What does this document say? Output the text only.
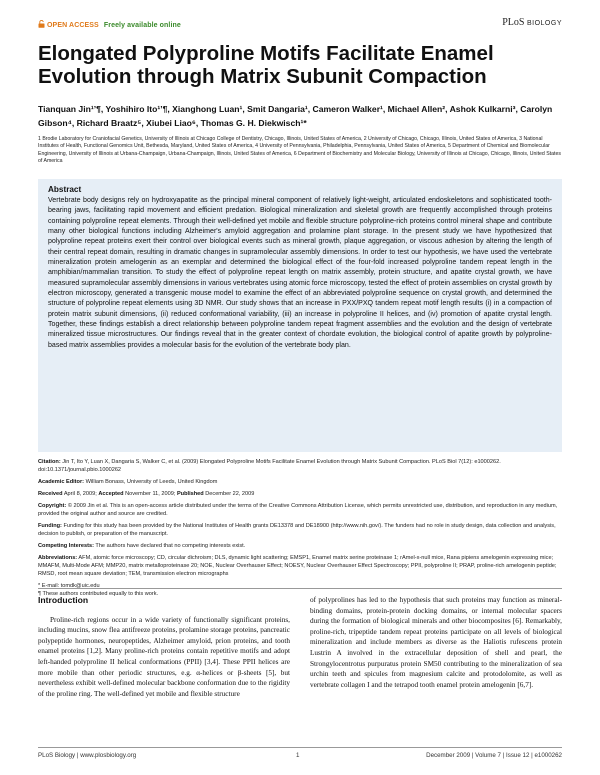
OPEN ACCESS Freely available online	PLoS BIOLOGY
Elongated Polyproline Motifs Facilitate Enamel Evolution through Matrix Subunit Compaction
Tianquan Jin¹’¶, Yoshihiro Ito¹’¶, Xianghong Luan¹, Smit Dangaria¹, Cameron Walker¹, Michael Allen², Ashok Kulkarni³, Carolyn Gibson⁴, Richard Braatz⁵, Xiubei Liao⁶, Thomas G. H. Diekwisch¹*
1 Brodie Laboratory for Craniofacial Genetics, University of Illinois at Chicago College of Dentistry, Chicago, Illinois, United States of America, 2 University of Chicago, Chicago, Illinois, United States of America, 3 National Institutes of Health, Functional Genomics Unit, Bethesda, Maryland, United States of America, 4 University of Pennsylvania, Philadelphia, Pennsylvania, United States of America, 5 Department of Chemical and Biomolecular Engineering, University of Illinois at Urbana-Champaign, Urbana-Champaign, Illinois, United States of America, 6 Department of Biochemistry and Molecular Biology, University of Illinois at Chicago, Chicago, Illinois, United States of America
Abstract

Vertebrate body designs rely on hydroxyapatite as the principal mineral component of relatively light-weight, articulated endoskeletons and sophisticated tooth-bearing jaws, facilitating rapid movement and efficient predation. Biological mineralization and skeletal growth are frequently accomplished through proteins containing polyproline repeat elements. Through their well-defined yet mobile and flexible structure polyproline-rich proteins control mineral shape and contribute many other biological functions including Alzheimer's amyloid aggregation and prolamine plant storage. In the present study we have hypothesized that polyproline repeat proteins exert their control over biological events such as mineral growth, plaque aggregation, or viscous adhesion by altering the length of their central repeat domain, resulting in dramatic changes in supramolecular assembly dimensions. In order to test our hypothesis, we have used the vertebrate mineralization protein amelogenin as an exemplar and determined the biological effect of the four-fold increased polyproline tandem repeat length in the amphibian/mammalian transition. To study the effect of polyproline repeat length on matrix assembly, protein structure, and apatite crystal growth, we have measured supramolecular assembly dimensions in various vertebrates using atomic force microscopy, tested the effect of protein assemblies on crystal growth by electron microscopy, generated a transgenic mouse model to examine the effect of an abbreviated polyproline sequence on crystal growth, and determined the structure of polyproline repeat elements using 3D NMR. Our study shows that an increase in PXX/PXQ tandem repeat motif length results (i) in a compaction of protein matrix subunit dimensions, (ii) reduced conformational variability, (iii) an increase in polyproline II helices, and (iv) promotion of apatite crystal length. Together, these findings establish a direct relationship between polyproline tandem repeat fragment assemblies and the evolution and the design of vertebrate mineralized tissue microstructures. Our findings reveal that in the greater context of chordate evolution, the biological control of apatite growth by polyproline-based matrix assemblies provides a molecular basis for the evolution of the vertebrate body plan.

Citation: Jin T, Ito Y, Luan X, Dangaria S, Walker C, et al. (2009) Elongated Polyproline Motifs Facilitate Enamel Evolution through Matrix Subunit Compaction. PLoS Biol 7(12): e1000262. doi:10.1371/journal.pbio.1000262
Academic Editor: William Bonass, University of Leeds, United Kingdom
Received April 8, 2009; Accepted November 11, 2009; Published December 22, 2009
Copyright: © 2009 Jin et al. This is an open-access article distributed under the terms of the Creative Commons Attribution License, which permits unrestricted use, distribution, and reproduction in any medium, provided the original author and source are credited.
Funding: Funding for this study has been provided by the National Institutes of Health grants DE13378 and DE18900 (http://www.nih.gov/). The funders had no role in study design, data collection and analysis, decision to publish, or preparation of the manuscript.
Competing Interests: The authors have declared that no competing interests exist.
Abbreviations: AFM, atomic force microscopy; CD, circular dichroism; DLS, dynamic light scattering; EMSP1, Enamel matrix serine proteinase 1; rAmel-x-null mice, Rana pipiens amelogenin expressing mice; MMAFM, Multi-Mode AFM; MMP20, matrix metalloproteinase 20; NOE, Nuclear Overhauser Effect; NOESY, Nuclear Overhauser Effect Spectroscopy; PPII, polyproline II; PRAP, proline-rich amelogenin peptide; RMSD, root mean square deviation; TEM, transmission electron micrographs
* E-mail: tomdk@uic.edu
¶ These authors contributed equally to this work.
Introduction

Proline-rich regions occur in a wide variety of functionally significant proteins, including mucins, snow flea antifreeze proteins, prolamine storage proteins, pancreatic polypeptide hormones, neuropeptides, Alzheimer amyloid, prion proteins, and tooth enamel proteins [1,2]. Many proline-rich proteins contain repetitive motifs and adopt left-handed polyproline II helical conformations (PPII) [3,4]. These PPII helices are more mobile than other periodic structures, e.g. α-helices or β-sheets [5], but nevertheless exhibit well-defined molecular backbone conformation due to the rigidity of the proline ring. The well-defined yet mobile and flexible structure

of polyprolines has led to the hypothesis that such proteins may function as mineral-binding domains, protein-protein docking domains, or internal molecular spacers during the formation of biological minerals and other biocomposites [6]. Remarkably, proline-rich, tripeptide tandem repeat proteins participate on all levels of biological mineralization and include members as diverse as the Haliotis rufescens protein Lustrin A involved in the extracellular deposition of shell and pearl, the Strongylocentrotus purpuratus protein SM50 contributing to the mineralization of sea urchin teeth and spicules from magnesium calcite and protodolomite, as well as vertebrate collagen I and the tetrapod tooth enamel protein amelogenin [6,7].

PLoS Biology | www.plosbiology.org	1	December 2009 | Volume 7 | Issue 12 | e1000262
